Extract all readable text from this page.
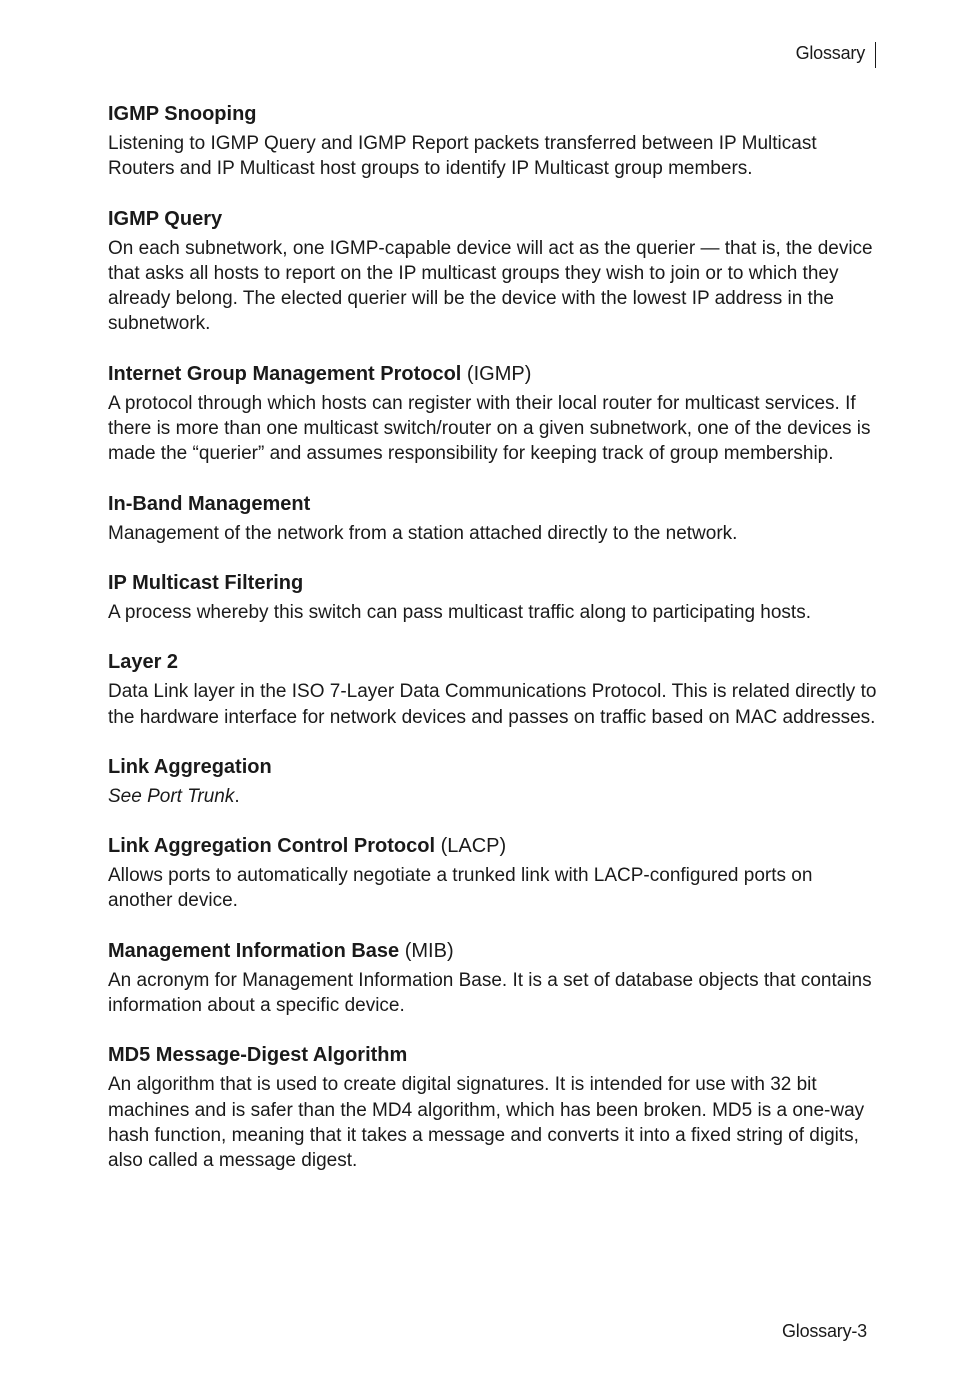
Glossary

IGMP Snooping

Listening to IGMP Query and IGMP Report packets transferred between IP Multicast Routers and IP Multicast host groups to identify IP Multicast group members.

IGMP Query

On each subnetwork, one IGMP-capable device will act as the querier — that is, the device that asks all hosts to report on the IP multicast groups they wish to join or to which they already belong. The elected querier will be the device with the lowest IP address in the subnetwork.

Internet Group Management Protocol (IGMP)

A protocol through which hosts can register with their local router for multicast services. If there is more than one multicast switch/router on a given subnetwork, one of the devices is made the “querier” and assumes responsibility for keeping track of group membership.

In-Band Management

Management of the network from a station attached directly to the network.

IP Multicast Filtering

A process whereby this switch can pass multicast traffic along to participating hosts.

Layer 2

Data Link layer in the ISO 7-Layer Data Communications Protocol. This is related directly to the hardware interface for network devices and passes on traffic based on MAC addresses.

Link Aggregation

See Port Trunk.

Link Aggregation Control Protocol (LACP)

Allows ports to automatically negotiate a trunked link with LACP-configured ports on another device.

Management Information Base (MIB)

An acronym for Management Information Base. It is a set of database objects that contains information about a specific device.

MD5 Message-Digest Algorithm

An algorithm that is used to create digital signatures. It is intended for use with 32 bit machines and is safer than the MD4 algorithm, which has been broken. MD5 is a one-way hash function, meaning that it takes a message and converts it into a fixed string of digits, also called a message digest.

Glossary-3
